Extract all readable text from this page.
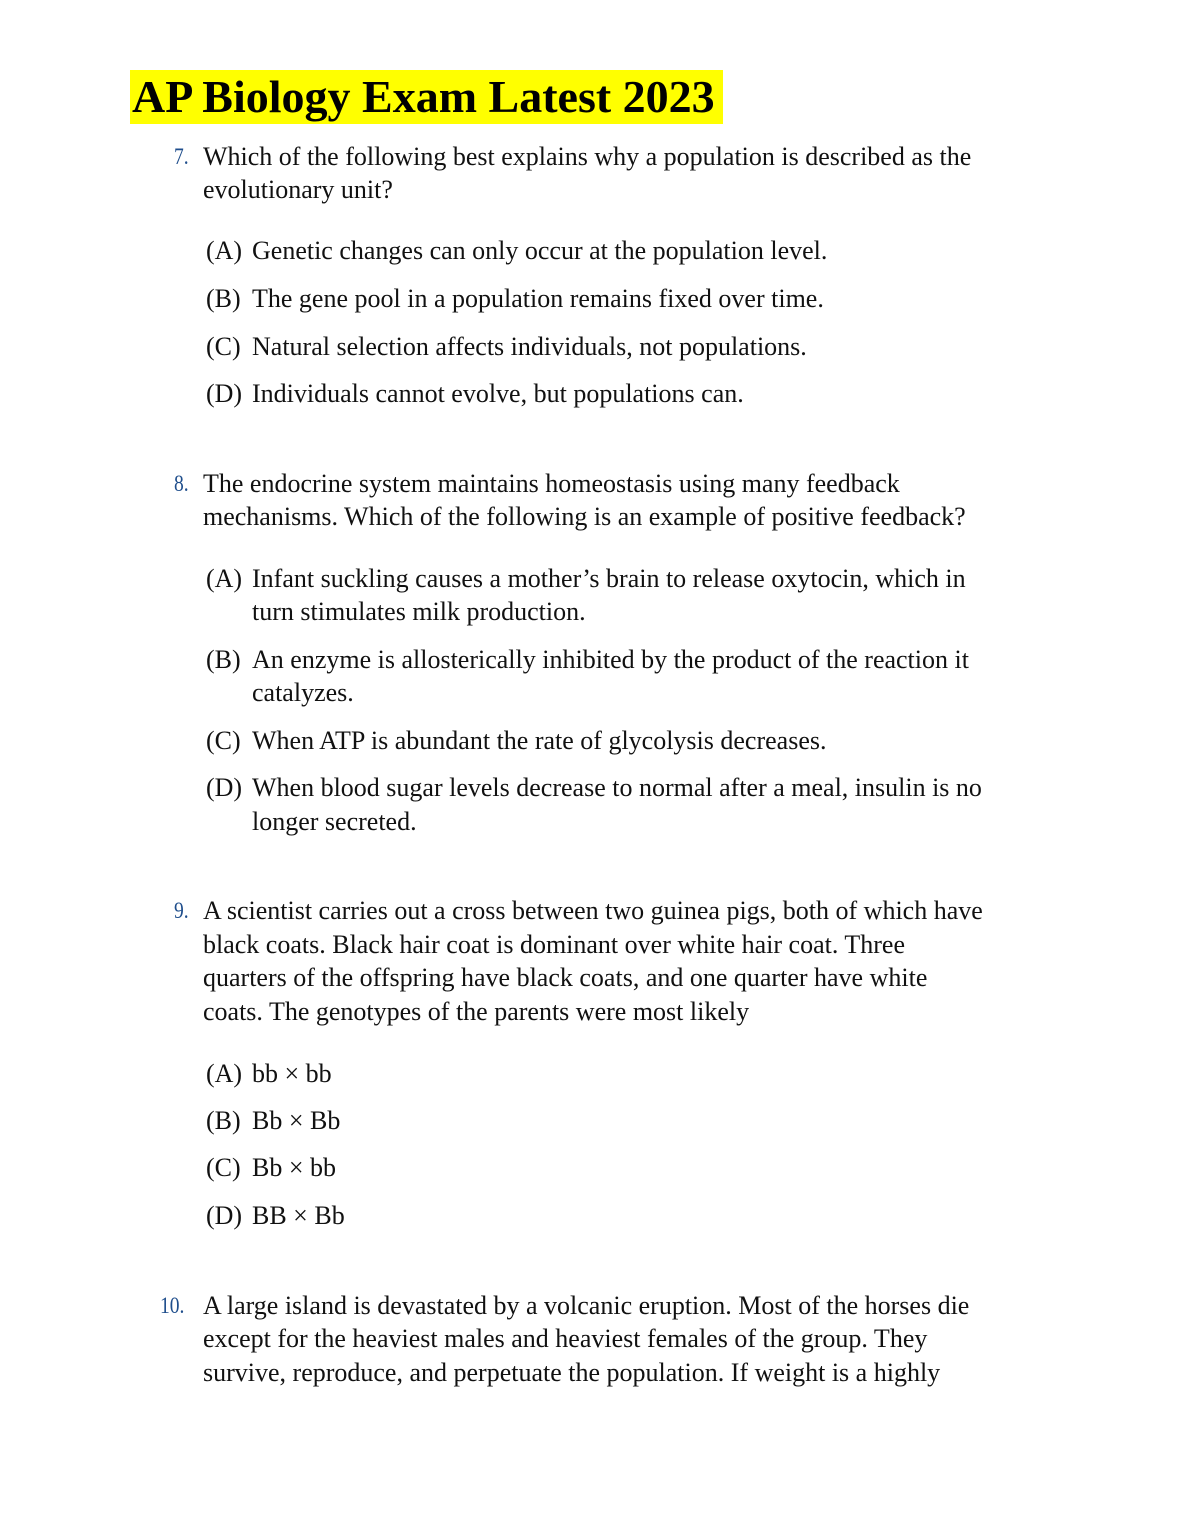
AP Biology Exam Latest 2023
7. Which of the following best explains why a population is described as the
evolutionary unit?
(A) Genetic changes can only occur at the population level.
(B) The gene pool in a population remains fixed over time.
(C) Natural selection affects individuals, not populations.
(D) Individuals cannot evolve, but populations can.
8. The endocrine system maintains homeostasis using many feedback
mechanisms. Which of the following is an example of positive feedback?
(A) Infant suckling causes a mother’s brain to release oxytocin, which in
turn stimulates milk production.
(B) An enzyme is allosterically inhibited by the product of the reaction it
catalyzes.
(C) When ATP is abundant the rate of glycolysis decreases.
(D) When blood sugar levels decrease to normal after a meal, insulin is no
longer secreted.
9. A scientist carries out a cross between two guinea pigs, both of which have
black coats. Black hair coat is dominant over white hair coat. Three
quarters of the offspring have black coats, and one quarter have white
coats. The genotypes of the parents were most likely
(A) bb × bb
(B) Bb × Bb
(C) Bb × bb
(D) BB × Bb
10. A large island is devastated by a volcanic eruption. Most of the horses die
except for the heaviest males and heaviest females of the group. They
survive, reproduce, and perpetuate the population. If weight is a highly
